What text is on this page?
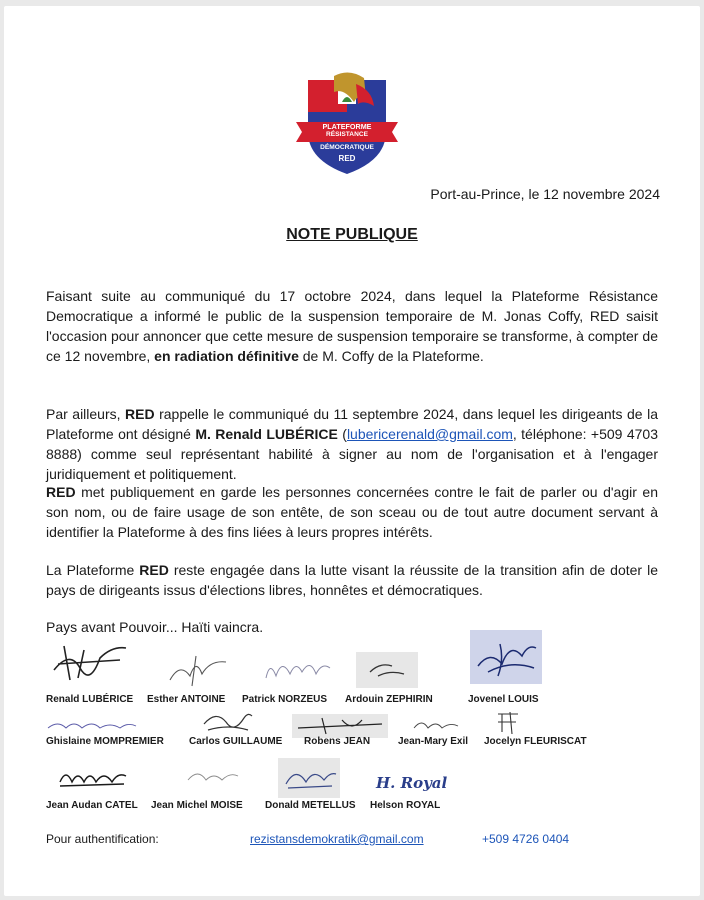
PLATEFORME
RÉSISTANCE
DÉMOCRATIQUE
RED
Port-au-Prince, le 12 novembre 2024
NOTE PUBLIQUE
Faisant suite au communiqué du 17 octobre 2024, dans lequel la Plateforme Résistance Democratique a informé le public de la suspension temporaire de M. Jonas Coffy, RED saisit l'occasion pour annoncer que cette mesure de suspension temporaire se transforme, à compter de ce 12 novembre, en radiation définitive de M. Coffy de la Plateforme.
Par ailleurs, RED rappelle le communiqué du 11 septembre 2024, dans lequel les dirigeants de la Plateforme ont désigné M. Renald LUBÉRICE (lubericerenald@gmail.com, téléphone: +509 4703 8888) comme seul représentant habilité à signer au nom de l'organisation et à l'engager juridiquement et politiquement.
RED met publiquement en garde les personnes concernées contre le fait de parler ou d'agir en son nom, ou de faire usage de son entête, de son sceau ou de tout autre document servant à identifier la Plateforme à des fins liées à leurs propres intérêts.
La Plateforme RED reste engagée dans la lutte visant la réussite de la transition afin de doter le pays de dirigeants issus d'élections libres, honnêtes et démocratiques.
Pays avant Pouvoir... Haïti vaincra.
Renald LUBÉRICE Esther ANTOINE Patrick NORZEUS Ardouin ZEPHIRIN	Jovenel LOUIS
Ghislaine MOMPREMIER	Carlos GUILLAUME Robens JEAN	Jean-Mary Exil Jocelyn FLEURISCAT
H. Royal
Jean Audan CATEL Jean Michel MOISE Donald METELLUS Helson ROYAL
Pour authentification:	rezistansdemokratik@gmail.com	+509 4726 0404
